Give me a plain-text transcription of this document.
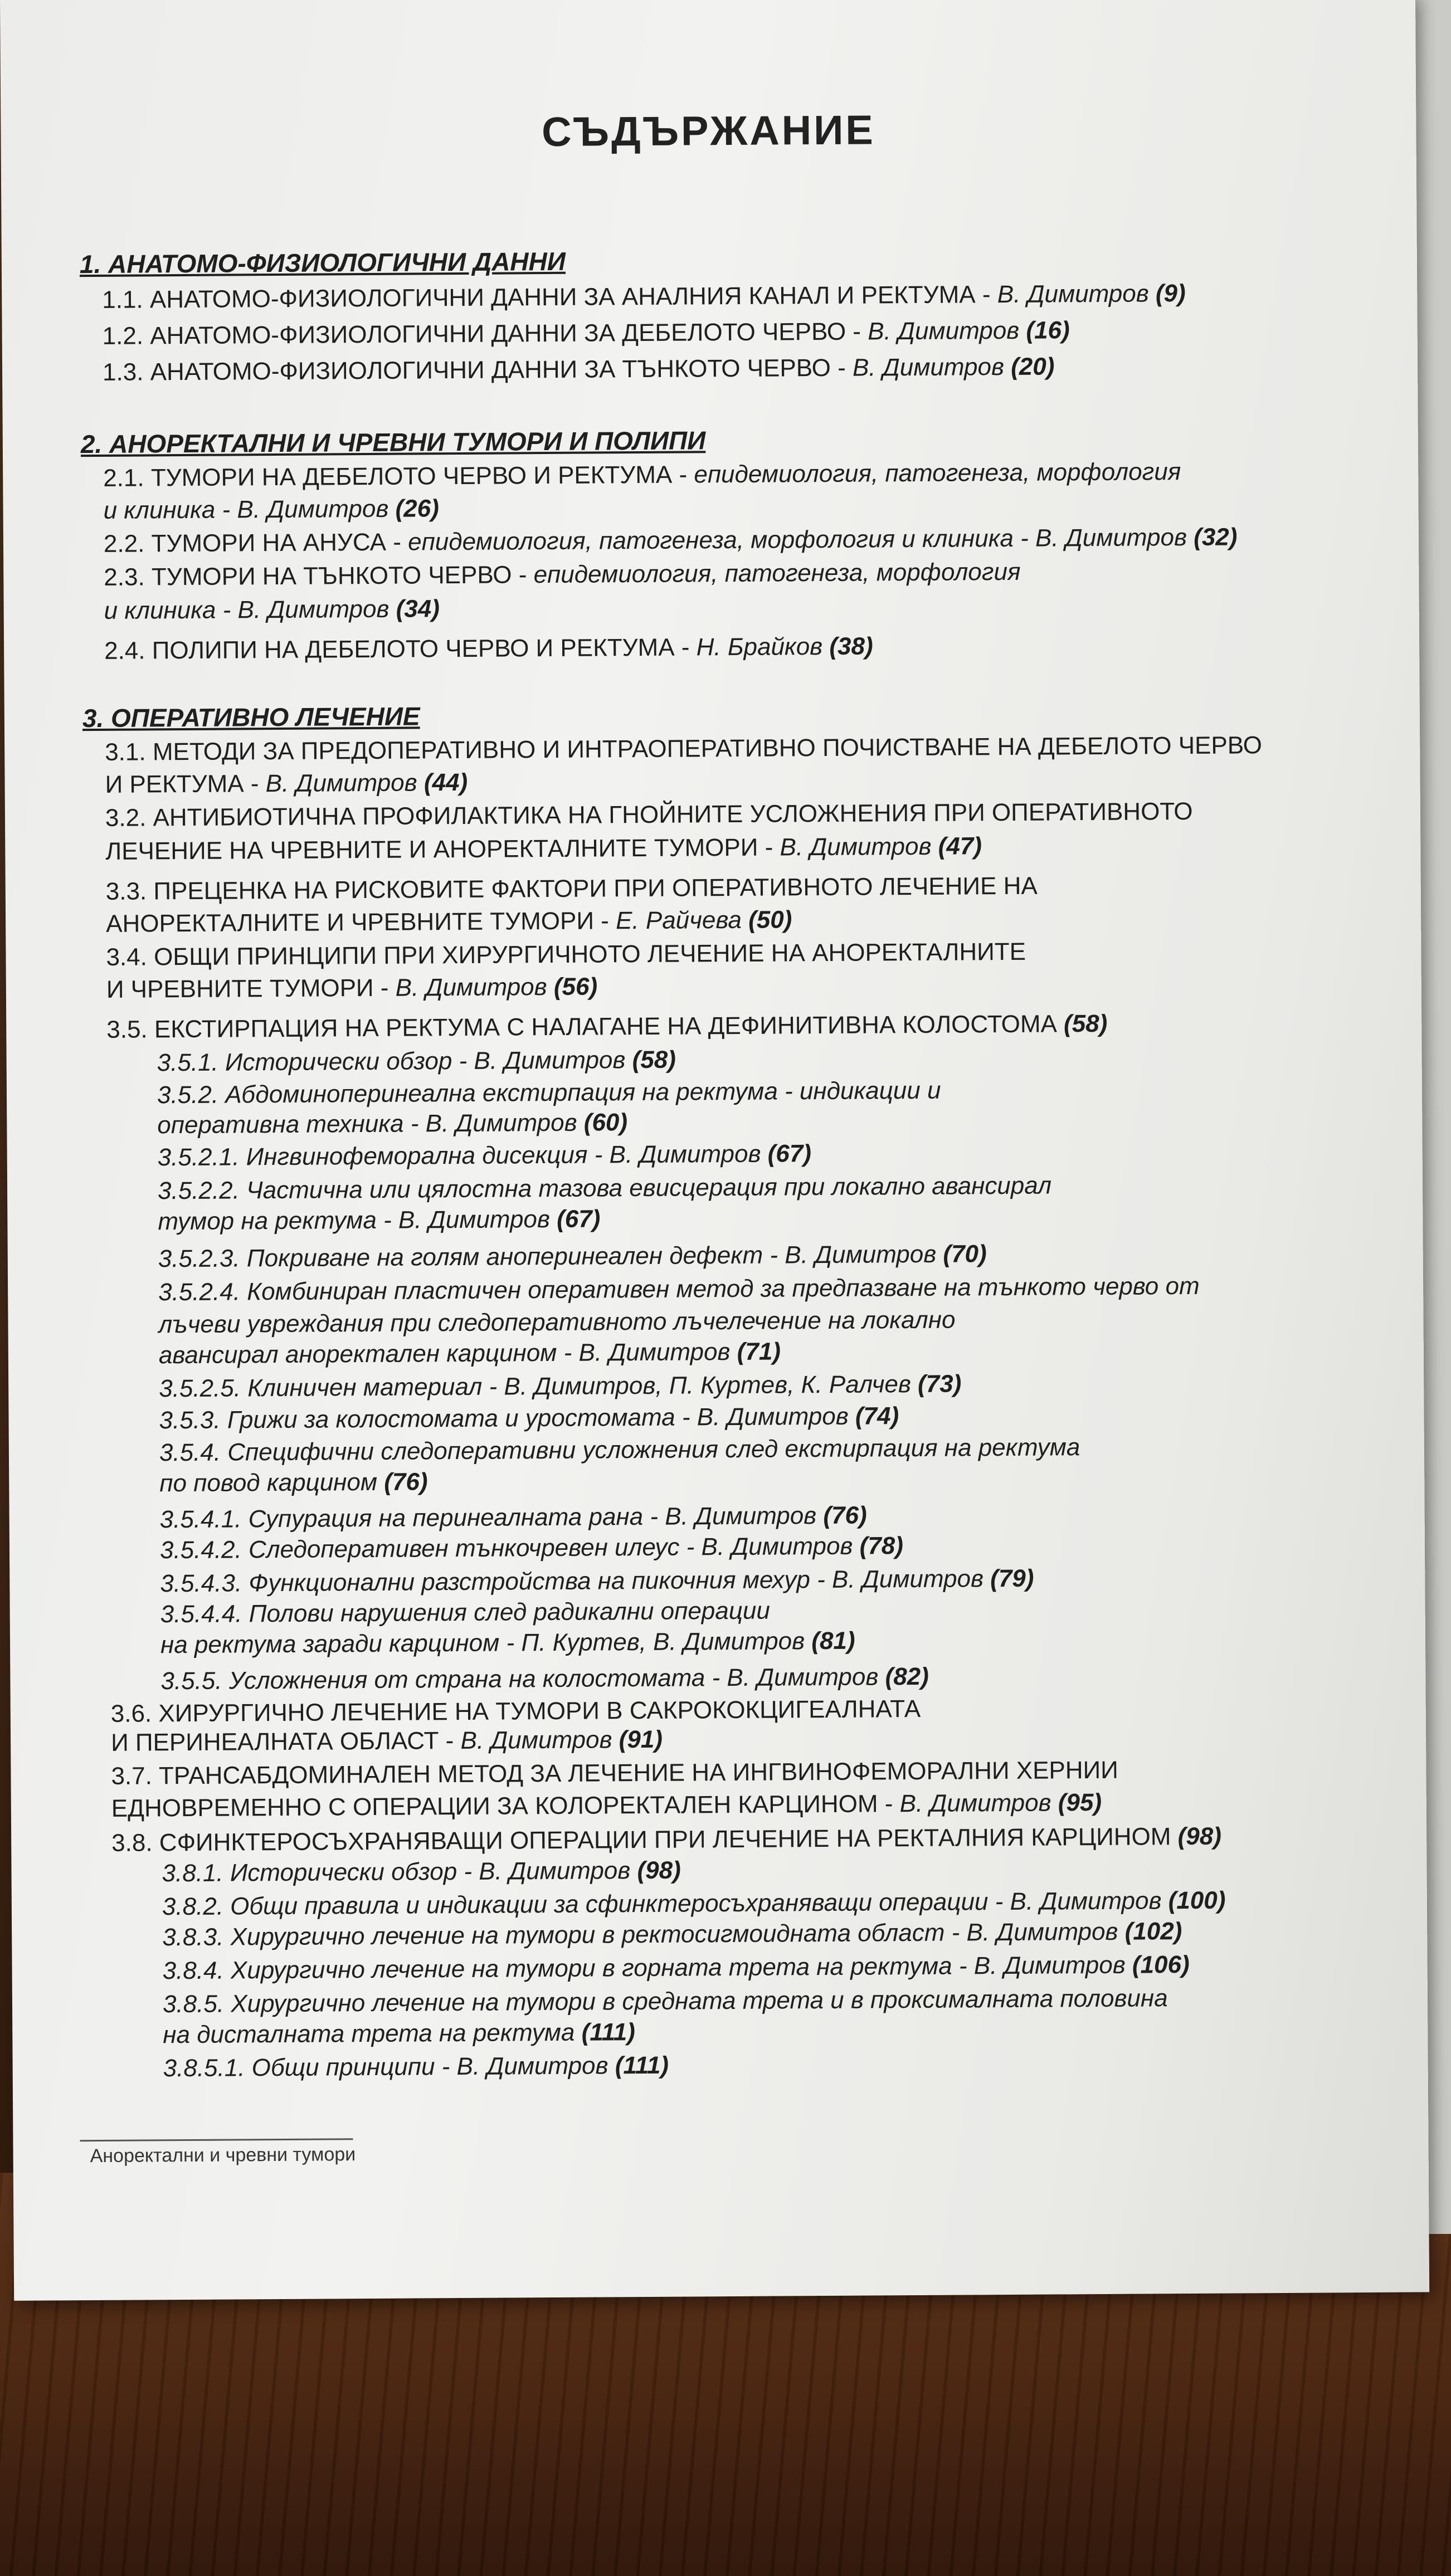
СЪДЪРЖАНИЕ
1. АНАТОМО-ФИЗИОЛОГИЧНИ ДАННИ
1.1. АНАТОМО-ФИЗИОЛОГИЧНИ ДАННИ ЗА АНАЛНИЯ КАНАЛ И РЕКТУМА - В. Димитров (9)
1.2. АНАТОМО-ФИЗИОЛОГИЧНИ ДАННИ ЗА ДЕБЕЛОТО ЧЕРВО - В. Димитров (16)
1.3. АНАТОМО-ФИЗИОЛОГИЧНИ ДАННИ ЗА ТЪНКОТО ЧЕРВО - В. Димитров (20)
2. АНОРЕКТАЛНИ И ЧРЕВНИ ТУМОРИ И ПОЛИПИ
2.1. ТУМОРИ НА ДЕБЕЛОТО ЧЕРВО И РЕКТУМА - епидемиология, патогенеза, морфология
и клиника - В. Димитров (26)
2.2. ТУМОРИ НА АНУСА - епидемиология, патогенеза, морфология и клиника - В. Димитров (32)
2.3. ТУМОРИ НА ТЪНКОТО ЧЕРВО - епидемиология, патогенеза, морфология
и клиника - В. Димитров (34)
2.4. ПОЛИПИ НА ДЕБЕЛОТО ЧЕРВО И РЕКТУМА - Н. Брайков (38)
3. ОПЕРАТИВНО ЛЕЧЕНИЕ
3.1. МЕТОДИ ЗА ПРЕДОПЕРАТИВНО И ИНТРАОПЕРАТИВНО ПОЧИСТВАНЕ НА ДЕБЕЛОТО ЧЕРВО
И РЕКТУМА - В. Димитров (44)
3.2. АНТИБИОТИЧНА ПРОФИЛАКТИКА НА ГНОЙНИТЕ УСЛОЖНЕНИЯ ПРИ ОПЕРАТИВНОТО
ЛЕЧЕНИЕ НА ЧРЕВНИТЕ И АНОРЕКТАЛНИТЕ ТУМОРИ - В. Димитров (47)
3.3. ПРЕЦЕНКА НА РИСКОВИТЕ ФАКТОРИ ПРИ ОПЕРАТИВНОТО ЛЕЧЕНИЕ НА
АНОРЕКТАЛНИТЕ И ЧРЕВНИТЕ ТУМОРИ - Е. Райчева (50)
3.4. ОБЩИ ПРИНЦИПИ ПРИ ХИРУРГИЧНОТО ЛЕЧЕНИЕ НА АНОРЕКТАЛНИТЕ
И ЧРЕВНИТЕ ТУМОРИ - В. Димитров (56)
3.5. ЕКСТИРПАЦИЯ НА РЕКТУМА С НАЛАГАНЕ НА ДЕФИНИТИВНА КОЛОСТОМА (58)
3.5.1. Исторически обзор - В. Димитров (58)
3.5.2. Абдоминоперинеална екстирпация на ректума - индикации и
оперативна техника - В. Димитров (60)
3.5.2.1. Ингвинофеморална дисекция - В. Димитров (67)
3.5.2.2. Частична или цялостна тазова евисцерация при локално авансирал
тумор на ректума - В. Димитров (67)
3.5.2.3. Покриване на голям аноперинеален дефект - В. Димитров (70)
3.5.2.4. Комбиниран пластичен оперативен метод за предпазване на тънкото черво от
лъчеви увреждания при следоперативното лъчелечение на локално
авансирал аноректален карцином - В. Димитров (71)
3.5.2.5. Клиничен материал - В. Димитров, П. Куртев, К. Ралчев (73)
3.5.3. Грижи за колостомата и уростомата - В. Димитров (74)
3.5.4. Специфични следоперативни усложнения след екстирпация на ректума
по повод карцином (76)
3.5.4.1. Супурация на перинеалната рана - В. Димитров (76)
3.5.4.2. Следоперативен тънкочревен илеус - В. Димитров (78)
3.5.4.3. Функционални разстройства на пикочния мехур - В. Димитров (79)
3.5.4.4. Полови нарушения след радикални операции
на ректума заради карцином - П. Куртев, В. Димитров (81)
3.5.5. Усложнения от страна на колостомата - В. Димитров (82)
3.6. ХИРУРГИЧНО ЛЕЧЕНИЕ НА ТУМОРИ В САКРОКОКЦИГЕАЛНАТА
И ПЕРИНЕАЛНАТА ОБЛАСТ - В. Димитров (91)
3.7. ТРАНСАБДОМИНАЛЕН МЕТОД ЗА ЛЕЧЕНИЕ НА ИНГВИНОФЕМОРАЛНИ ХЕРНИИ
ЕДНОВРЕМЕННО С ОПЕРАЦИИ ЗА КОЛОРЕКТАЛЕН КАРЦИНОМ - В. Димитров (95)
3.8. СФИНКТЕРОСЪХРАНЯВАЩИ ОПЕРАЦИИ ПРИ ЛЕЧЕНИЕ НА РЕКТАЛНИЯ КАРЦИНОМ (98)
3.8.1. Исторически обзор - В. Димитров (98)
3.8.2. Общи правила и индикации за сфинктеросъхраняващи операции - В. Димитров (100)
3.8.3. Хирургично лечение на тумори в ректосигмоидната област - В. Димитров (102)
3.8.4. Хирургично лечение на тумори в горната трета на ректума - В. Димитров (106)
3.8.5. Хирургично лечение на тумори в средната трета и в проксималната половина
на дисталната трета на ректума (111)
3.8.5.1. Общи принципи - В. Димитров (111)
Аноректални и чревни тумори
